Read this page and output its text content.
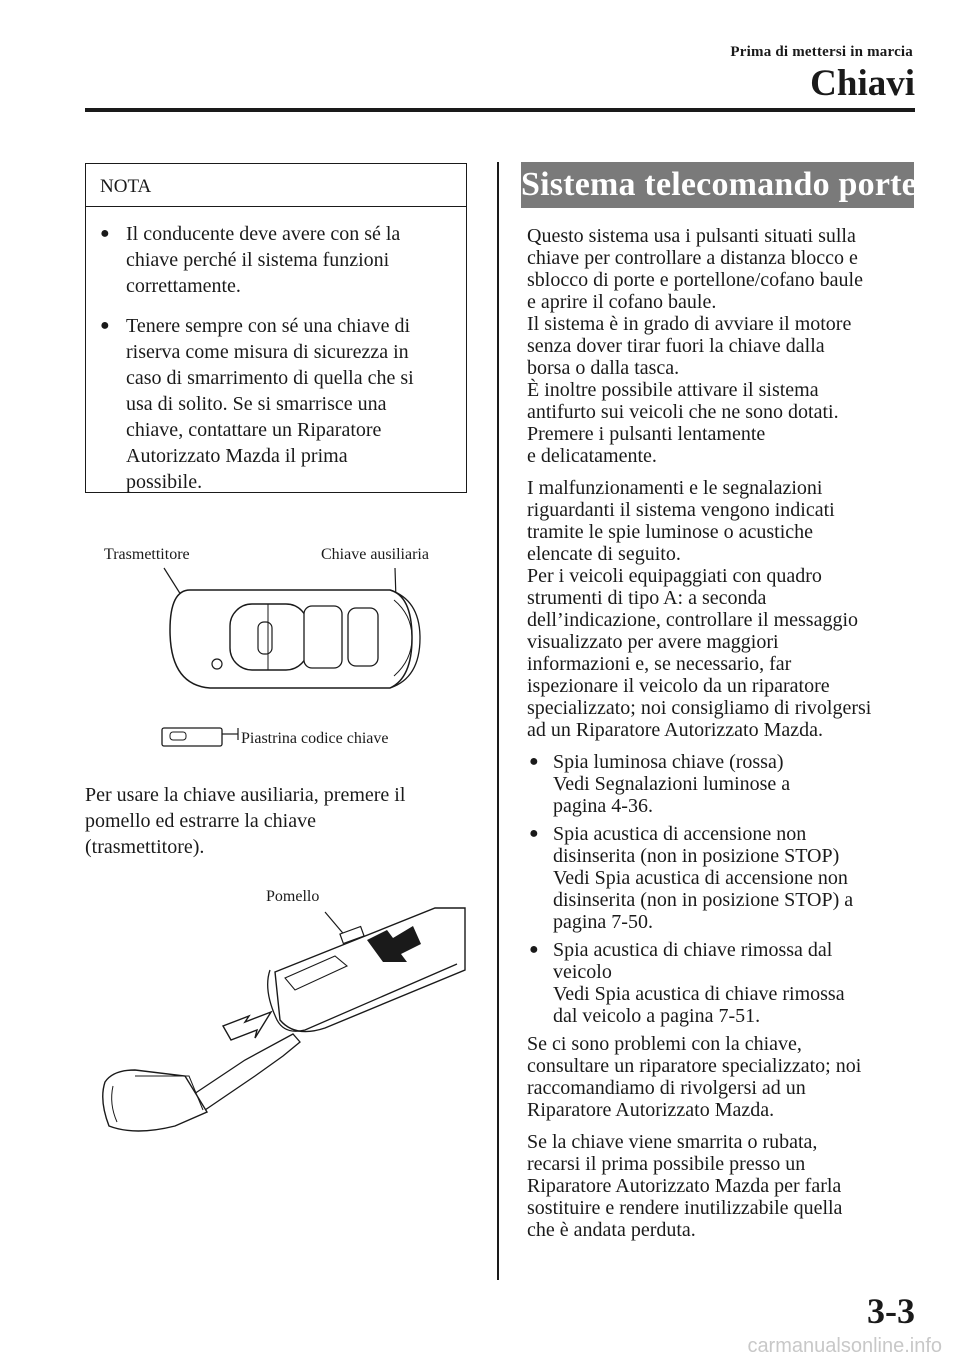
Prima di mettersi in marcia
Chiavi
NOTA
● Il conducente deve avere con sé la
chiave perché il sistema funzioni
correttamente.
● Tenere sempre con sé una chiave di
riserva come misura di sicurezza in
caso di smarrimento di quella che si
usa di solito. Se si smarrisce una
chiave, contattare un Riparatore
Autorizzato Mazda il prima
possibile.
Trasmettitore	Chiave ausiliaria
Piastrina codice chiave
Per usare la chiave ausiliaria, premere il
pomello ed estrarre la chiave
(trasmettitore).
Pomello
Sistema telecomando porte

Questo sistema usa i pulsanti situati sulla
chiave per controllare a distanza blocco e
sblocco di porte e portellone/cofano baule
e aprire il cofano baule.
Il sistema è in grado di avviare il motore
senza dover tirar fuori la chiave dalla
borsa o dalla tasca.
È inoltre possibile attivare il sistema
antifurto sui veicoli che ne sono dotati.
Premere i pulsanti lentamente
e delicatamente.

I malfunzionamenti e le segnalazioni
riguardanti il sistema vengono indicati
tramite le spie luminose o acustiche
elencate di seguito.
Per i veicoli equipaggiati con quadro
strumenti di tipo A: a seconda
dell’indicazione, controllare il messaggio
visualizzato per avere maggiori
informazioni e, se necessario, far
ispezionare il veicolo da un riparatore
specializzato; noi consigliamo di rivolgersi
ad un Riparatore Autorizzato Mazda.

● Spia luminosa chiave (rossa)
Vedi Segnalazioni luminose a
pagina 4-36.
● Spia acustica di accensione non
disinserita (non in posizione STOP)
Vedi Spia acustica di accensione non
disinserita (non in posizione STOP) a
pagina 7-50.
● Spia acustica di chiave rimossa dal
veicolo
Vedi Spia acustica di chiave rimossa
dal veicolo a pagina 7-51.

Se ci sono problemi con la chiave,
consultare un riparatore specializzato; noi
raccomandiamo di rivolgersi ad un
Riparatore Autorizzato Mazda.

Se la chiave viene smarrita o rubata,
recarsi il prima possibile presso un
Riparatore Autorizzato Mazda per farla
sostituire e rendere inutilizzabile quella
che è andata perduta.

3-3
carmanualsonline.info
